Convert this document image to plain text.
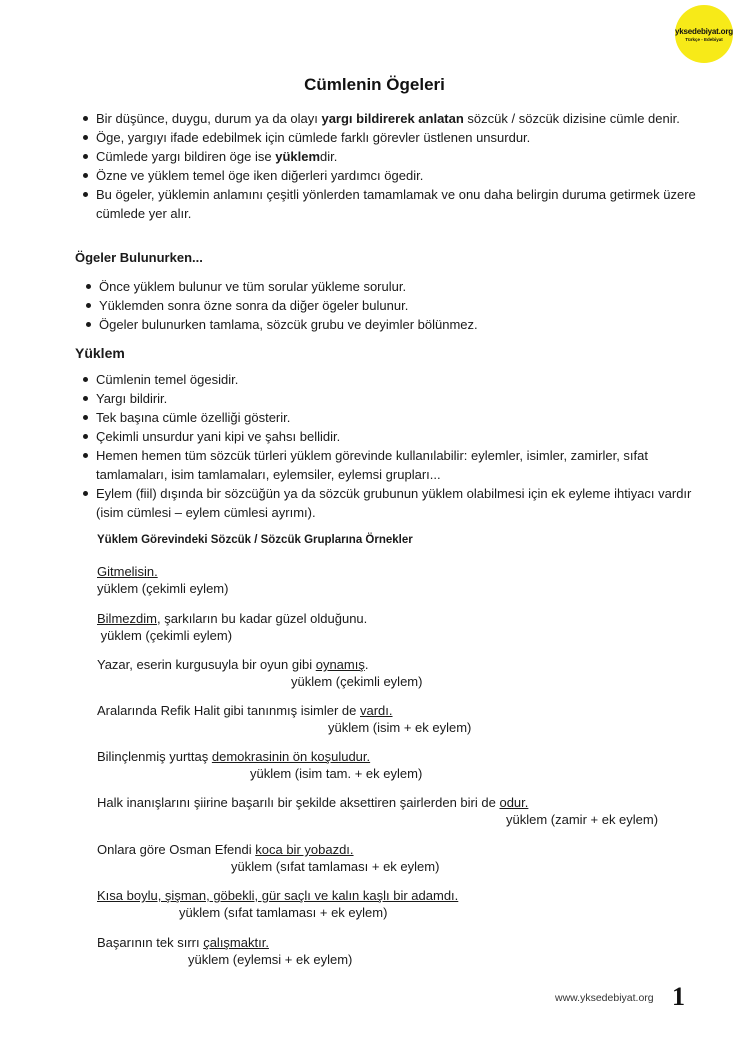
yksedebiyat.org
Türkçe - Edebiyat
Cümlenin Ögeleri
Bir düşünce, duygu, durum ya da olayı yargı bildirerek anlatan sözcük / sözcük dizisine cümle denir.
Öge, yargıyı ifade edebilmek için cümlede farklı görevler üstlenen unsurdur.
Cümlede yargı bildiren öge ise yüklemdir.
Özne ve yüklem temel öge iken diğerleri yardımcı ögedir.
Bu ögeler, yüklemin anlamını çeşitli yönlerden tamamlamak ve onu daha belirgin duruma getirmek üzere cümlede yer alır.
Ögeler Bulunurken...
Önce yüklem bulunur ve tüm sorular yükleme sorulur.
Yüklemden sonra özne sonra da diğer ögeler bulunur.
Ögeler bulunurken tamlama, sözcük grubu ve deyimler bölünmez.
Yüklem
Cümlenin temel ögesidir.
Yargı bildirir.
Tek başına cümle özelliği gösterir.
Çekimli unsurdur yani kipi ve şahsı bellidir.
Hemen hemen tüm sözcük türleri yüklem görevinde kullanılabilir: eylemler, isimler, zamirler, sıfat tamlamaları, isim tamlamaları, eylemsiler, eylemsi grupları...
Eylem (fiil) dışında bir sözcüğün ya da sözcük grubunun yüklem olabilmesi için ek eyleme ihtiyacı vardır (isim cümlesi – eylem cümlesi ayrımı).
Yüklem Görevindeki Sözcük / Sözcük Gruplarına Örnekler
Gitmelisin.
yüklem (çekimli eylem)
Bilmezdim, şarkıların bu kadar güzel olduğunu.
yüklem (çekimli eylem)
Yazar, eserin kurgusuyla bir oyun gibi oynamış.
yüklem (çekimli eylem)
Aralarında Refik Halit gibi tanınmış isimler de vardı.
yüklem (isim + ek eylem)
Bilinçlenmiş yurttaş demokrasinin ön koşuludur.
yüklem (isim tam. + ek eylem)
Halk inanışlarını şiirine başarılı bir şekilde aksettiren şairlerden biri de odur.
yüklem (zamir + ek eylem)
Onlara göre Osman Efendi koca bir yobazdı.
yüklem (sıfat tamlaması + ek eylem)
Kısa boylu, şişman, göbekli, gür saçlı ve kalın kaşlı bir adamdı.
yüklem (sıfat tamlaması + ek eylem)
Başarının tek sırrı çalışmaktır.
yüklem (eylemsi + ek eylem)
www.yksedebiyat.org 1
